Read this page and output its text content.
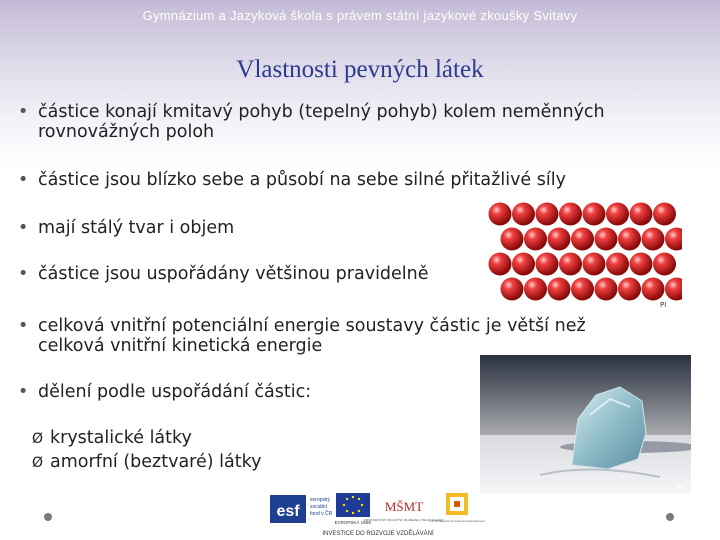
Gymnázium a Jazyková škola s právem státní jazykové zkoušky Svitavy
Vlastnosti pevných látek
• částice konají kmitavý pohyb (tepelný pohyb) kolem neměnných
rovnovážných poloh
• částice jsou blízko sebe a působí na sebe silné přitažlivé síly
• mají stálý tvar i objem
• částice jsou uspořádány většinou pravidelně
• celková vnitřní potenciální energie soustavy částic je větší než
celková vnitřní kinetická energie
• dělení podle uspořádání částic:
Ø krystalické látky
Ø amorfní (beztvaré) látky
PI
PI
esf
evropský
sociální
fond v ČR
EVROPSKÁ UNIE
MŠMT
MINISTERSTVO ŠKOLSTVÍ, MLÁDEŽE A TĚLOVÝCHOVY
OP Vzdělávání pro konkurenceschopnost
INVESTICE DO ROZVOJE VZDĚLÁVÁNÍ
